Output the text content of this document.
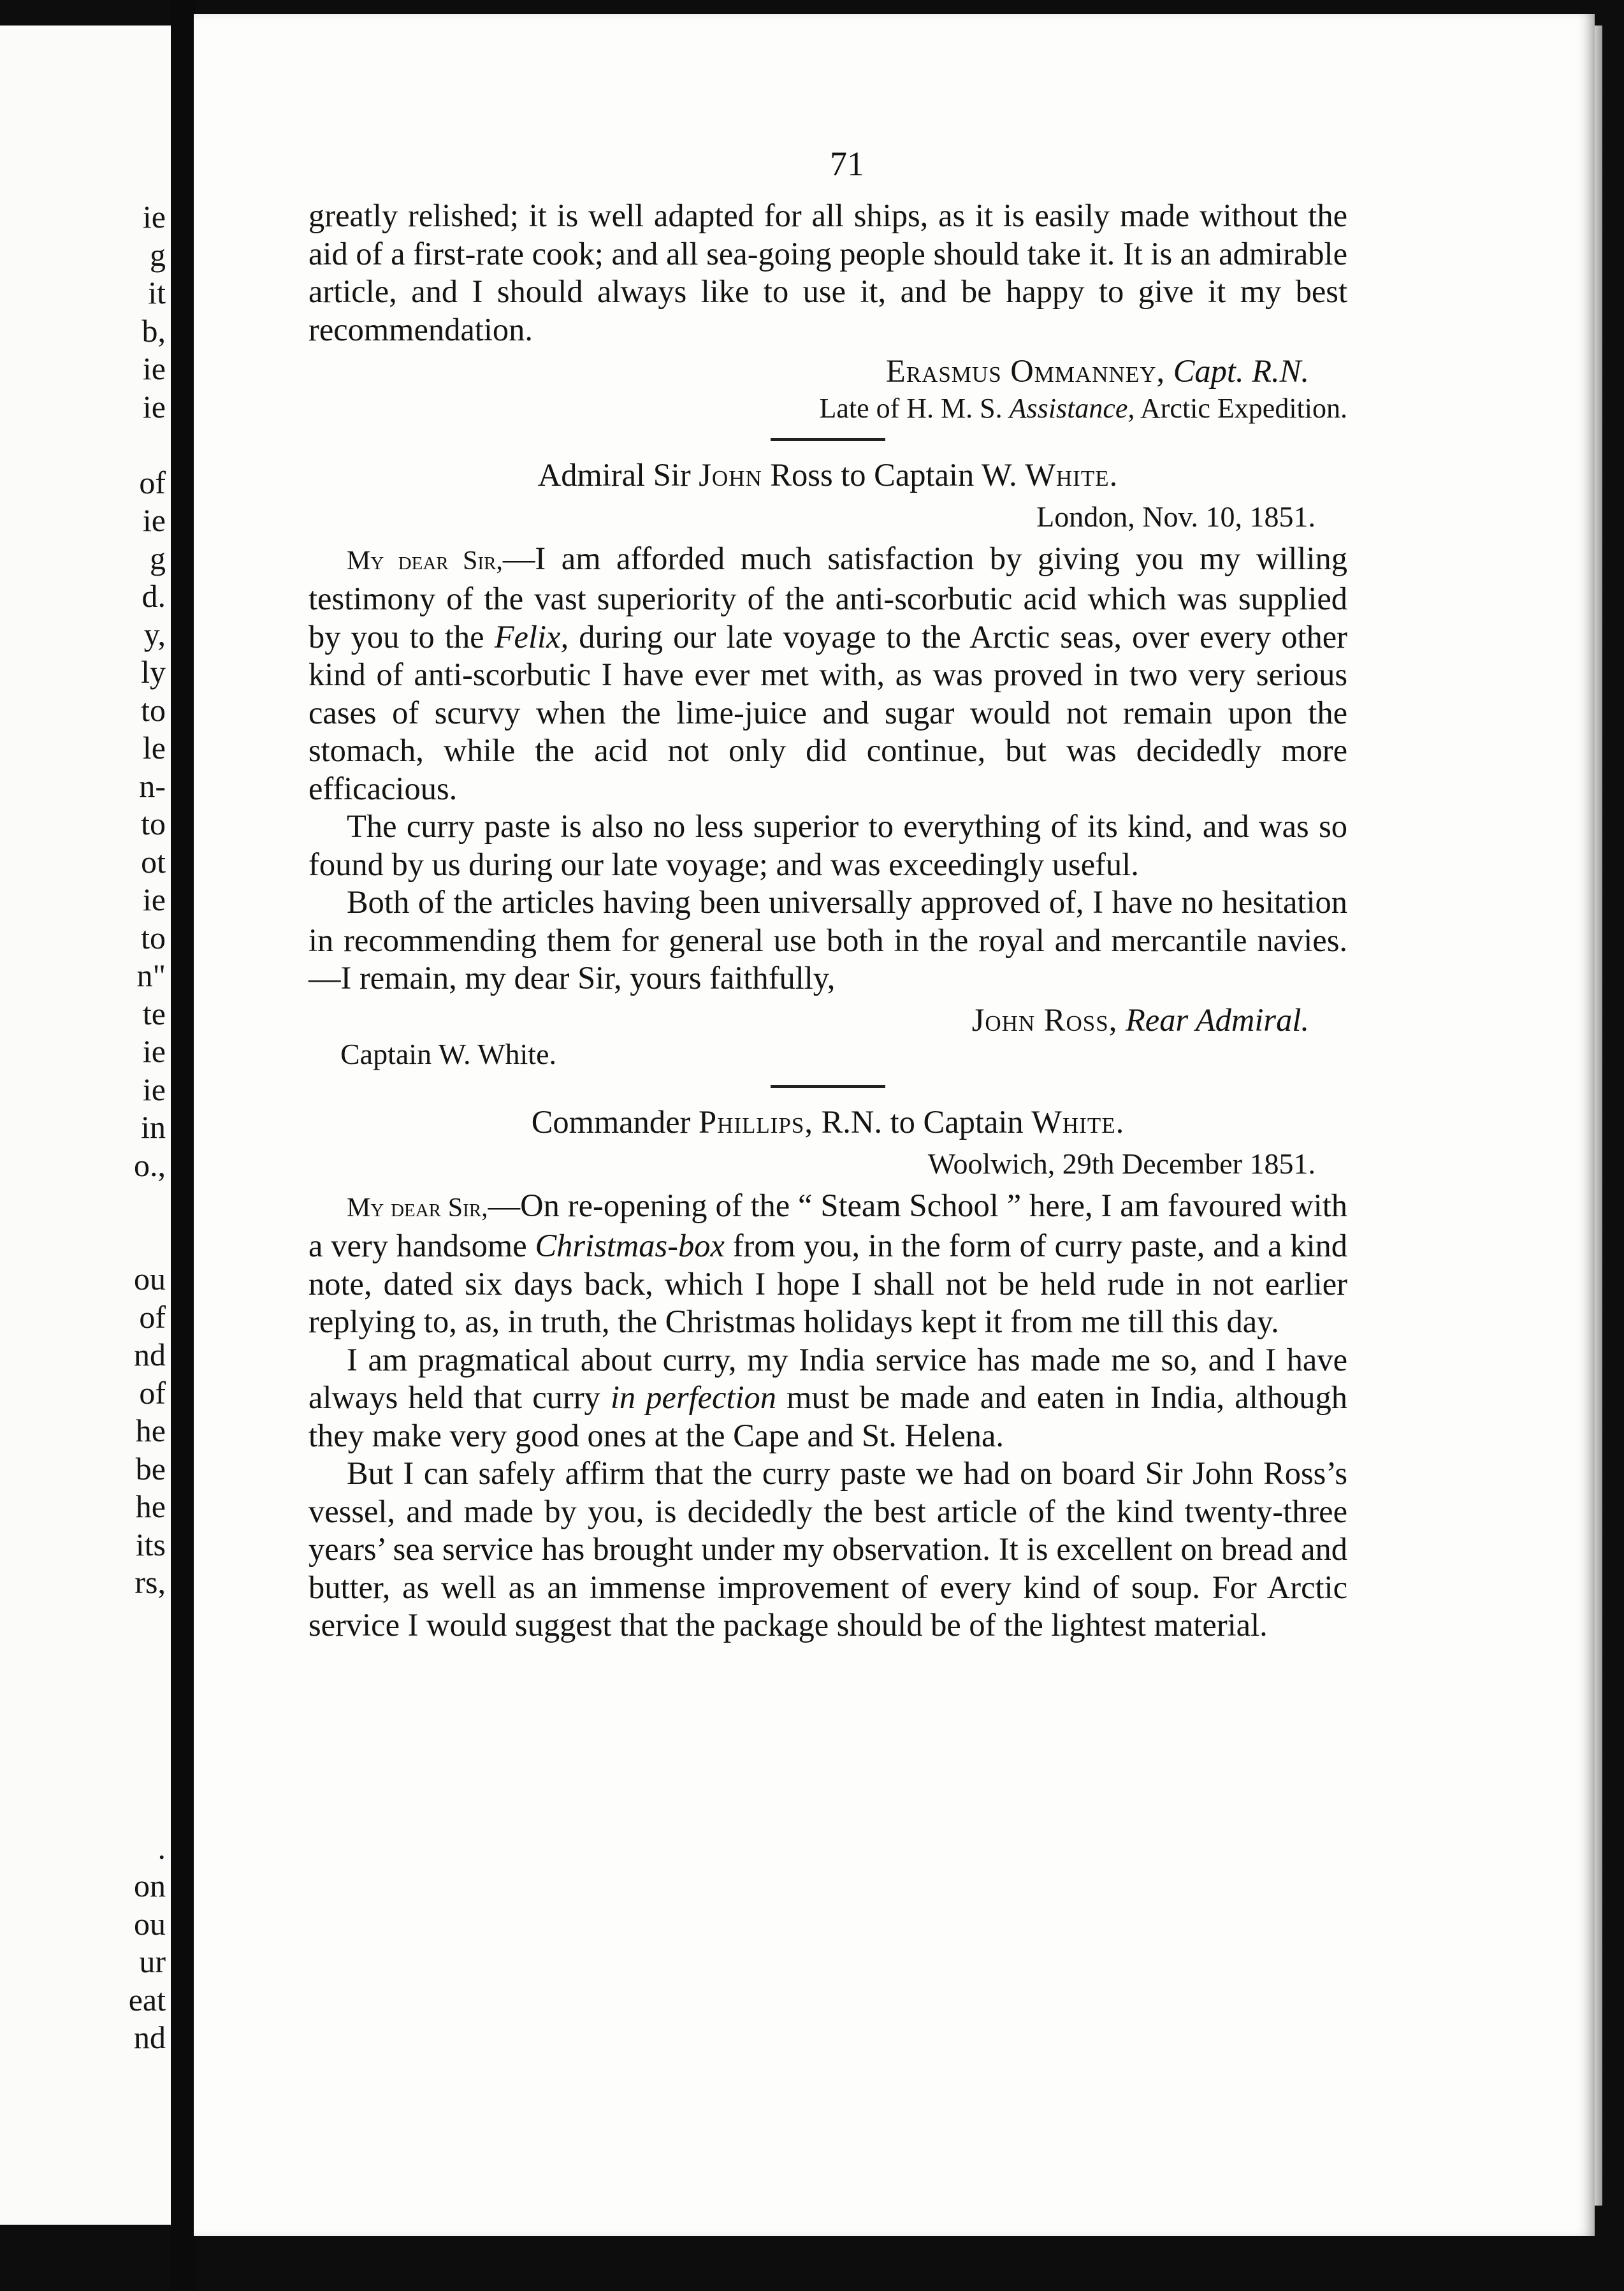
ie
g
it
b,
ie
ie
of
ie
g
d.
y,
ly
to
le
n-
to
ot
ie
to
n"
te
ie
ie
in
o.,
ou
of
nd
of
he
be
he
its
rs,
.
on
ou
ur
eat
nd
71

greatly relished; it is well adapted for all ships, as it is easily made without the aid of a first-rate cook; and all sea-going people should take it. It is an admirable article, and I should always like to use it, and be happy to give it my best recommendation.

Erasmus Ommanney, Capt. R.N.
Late of H. M. S. Assistance, Arctic Expedition.
Admiral Sir John Ross to Captain W. White.
London, Nov. 10, 1851.

My dear Sir,—I am afforded much satisfaction by giving you my willing testimony of the vast superiority of the anti-scorbutic acid which was supplied by you to the Felix, during our late voyage to the Arctic seas, over every other kind of anti-scorbutic I have ever met with, as was proved in two very serious cases of scurvy when the lime-juice and sugar would not remain upon the stomach, while the acid not only did continue, but was decidedly more efficacious.

The curry paste is also no less superior to everything of its kind, and was so found by us during our late voyage; and was exceedingly useful.

Both of the articles having been universally approved of, I have no hesitation in recommending them for general use both in the royal and mercantile navies.—I remain, my dear Sir, yours faithfully,

John Ross, Rear Admiral.
Captain W. White.
Commander Phillips, R.N. to Captain White.
Woolwich, 29th December 1851.

My dear Sir,—On re-opening of the “ Steam School ” here, I am favoured with a very handsome Christmas-box from you, in the form of curry paste, and a kind note, dated six days back, which I hope I shall not be held rude in not earlier replying to, as, in truth, the Christmas holidays kept it from me till this day.

I am pragmatical about curry, my India service has made me so, and I have always held that curry in perfection must be made and eaten in India, although they make very good ones at the Cape and St. Helena.

But I can safely affirm that the curry paste we had on board Sir John Ross’s vessel, and made by you, is decidedly the best article of the kind twenty-three years’ sea service has brought under my observation. It is excellent on bread and butter, as well as an immense improvement of every kind of soup. For Arctic service I would suggest that the package should be of the lightest material.
